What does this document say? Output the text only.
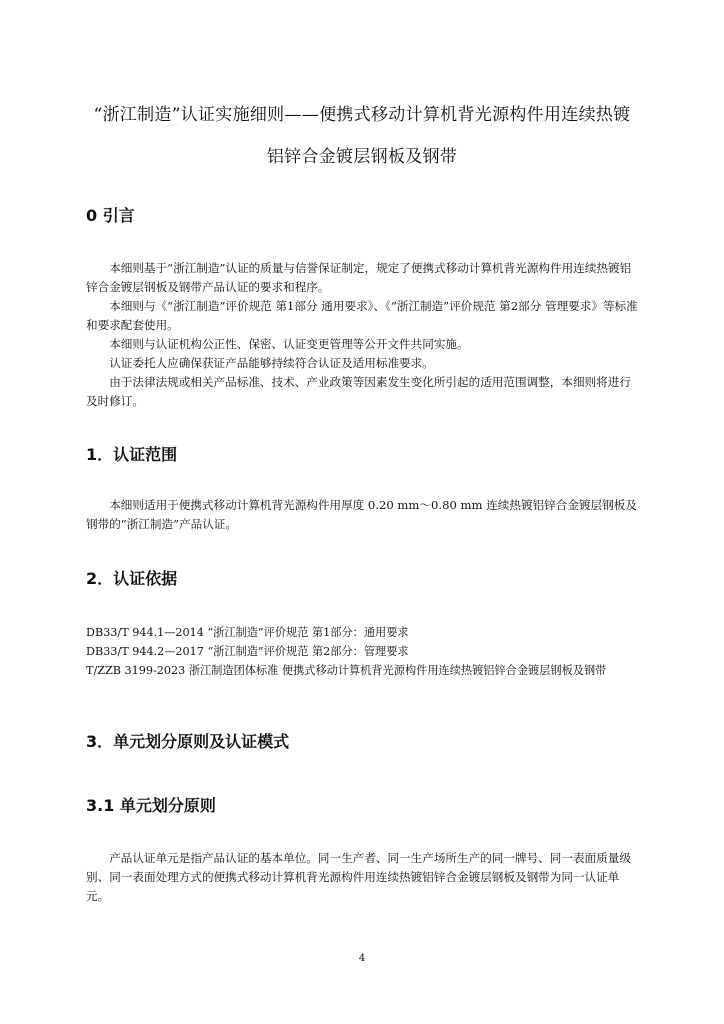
“浙江制造”认证实施细则——便携式移动计算机背光源构件用连续热镀
铝锌合金镀层钢板及钢带
0 引言

本细则基于“浙江制造”认证的质量与信誉保证制定，规定了便携式移动计算机背光源构件用连续热镀铝锌合金镀层钢板及钢带产品认证的要求和程序。

本细则与《“浙江制造”评价规范 第1部分 通用要求》、《“浙江制造”评价规范 第2部分 管理要求》等标准和要求配套使用。

本细则与认证机构公正性、保密、认证变更管理等公开文件共同实施。

认证委托人应确保获证产品能够持续符合认证及适用标准要求。

由于法律法规或相关产品标准、技术、产业政策等因素发生变化所引起的适用范围调整，本细则将进行及时修订。

1．认证范围

本细则适用于便携式移动计算机背光源构件用厚度 0.20 mm～0.80 mm 连续热镀铝锌合金镀层钢板及钢带的“浙江制造”产品认证。

2．认证依据
DB33/T 944.1—2014 “浙江制造”评价规范 第1部分：通用要求
DB33/T 944.2—2017 “浙江制造”评价规范 第2部分：管理要求
T/ZZB 3199-2023 浙江制造团体标准 便携式移动计算机背光源构件用连续热镀铝锌合金镀层钢板及钢带
3．单元划分原则及认证模式
3.1 单元划分原则

产品认证单元是指产品认证的基本单位。同一生产者、同一生产场所生产的同一牌号、同一表面质量级别、同一表面处理方式的便携式移动计算机背光源构件用连续热镀铝锌合金镀层钢板及钢带为同一认证单元。

4
